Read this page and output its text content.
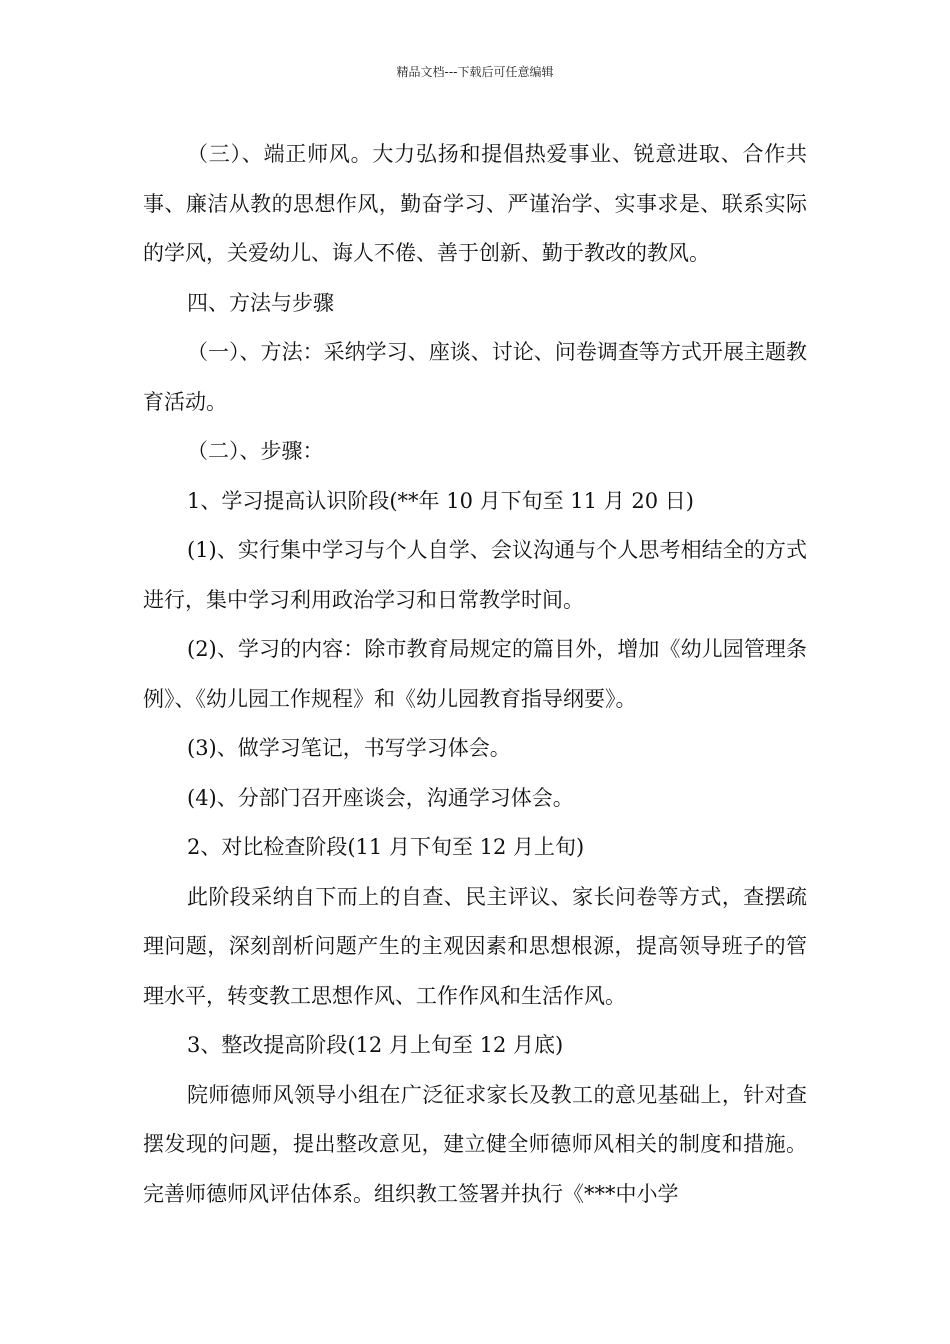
精品文档---下载后可任意编辑

（三）、端正师风。大力弘扬和提倡热爱事业、锐意进取、合作共事、廉洁从教的思想作风，勤奋学习、严谨治学、实事求是、联系实际的学风，关爱幼儿、诲人不倦、善于创新、勤于教改的教风。

四、方法与步骤

（一）、方法：采纳学习、座谈、讨论、问卷调查等方式开展主题教育活动。

（二）、步骤：

1、学习提高认识阶段(**年 10 月下旬至 11 月 20 日)

(1)、实行集中学习与个人自学、会议沟通与个人思考相结全的方式进行，集中学习利用政治学习和日常教学时间。

(2)、学习的内容：除市教育局规定的篇目外，增加《幼儿园管理条例》、《幼儿园工作规程》和《幼儿园教育指导纲要》。

(3)、做学习笔记，书写学习体会。

(4)、分部门召开座谈会，沟通学习体会。

2、对比检查阶段(11 月下旬至 12 月上旬)

此阶段采纳自下而上的自查、民主评议、家长问卷等方式，查摆疏理问题，深刻剖析问题产生的主观因素和思想根源，提高领导班子的管理水平，转变教工思想作风、工作作风和生活作风。

3、整改提高阶段(12 月上旬至 12 月底)

院师德师风领导小组在广泛征求家长及教工的意见基础上，针对查摆发现的问题，提出整改意见，建立健全师德师风相关的制度和措施。完善师德师风评估体系。组织教工签署并执行《***中小学
